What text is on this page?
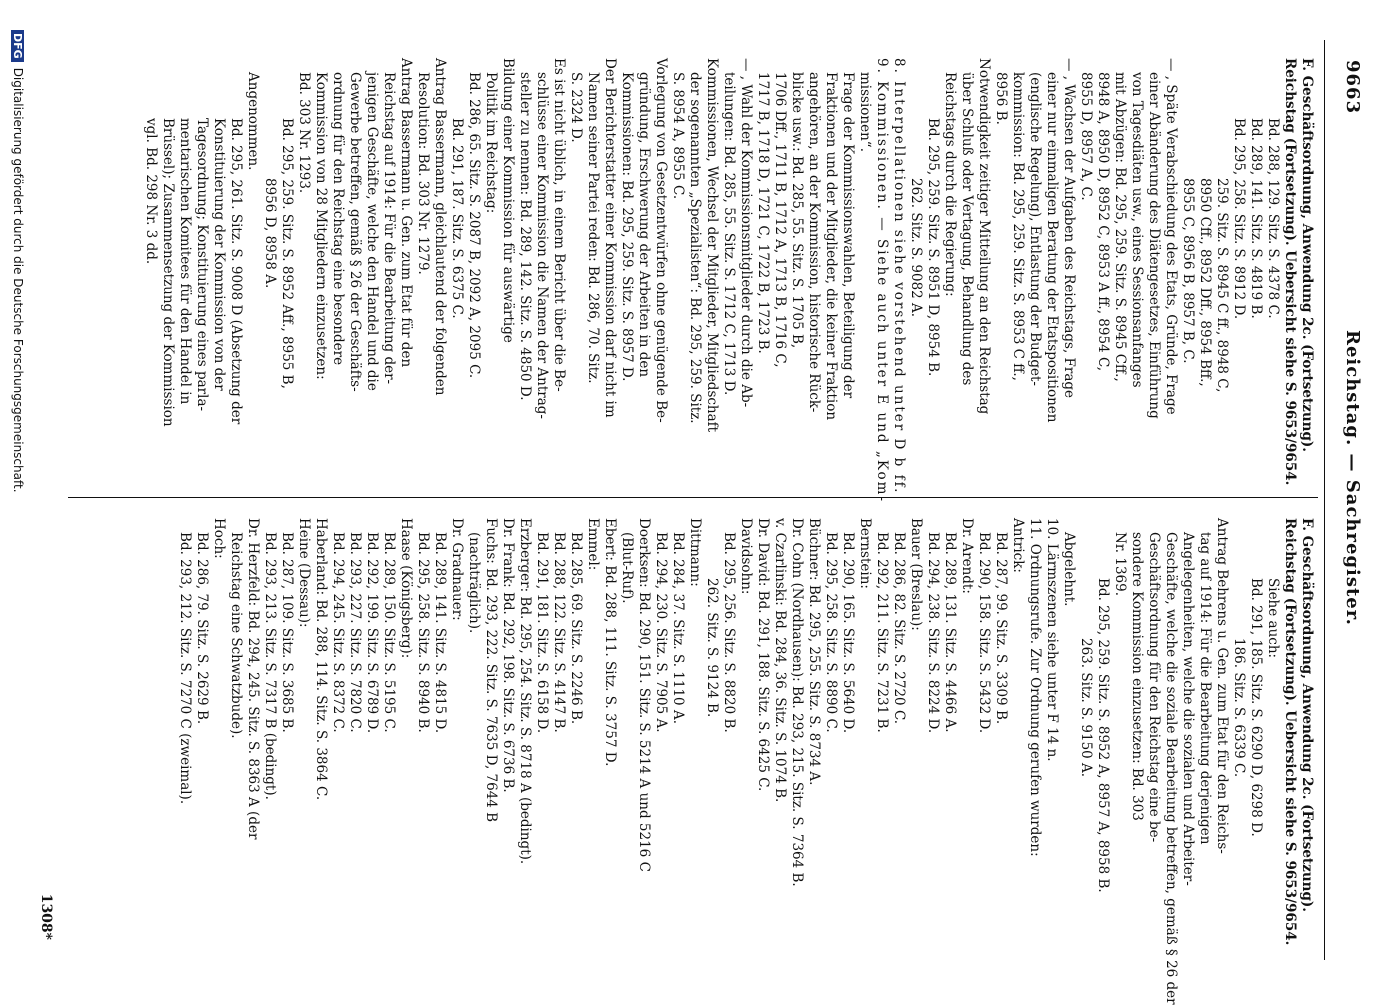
9663
Reichstag. — Sachregister.
F. Geschäftsordnung, Anwendung 2c. (Fortsetzung).
Reichstag (Fortsetzung). Uebersicht siehe S. 9653/9654.
Bd. 288, 129. Sitz. S. 4378 C.
Bd. 289, 141. Sitz. S. 4819 B.
Bd. 295, 258. Sitz. S. 8912 D.
259. Sitz. S. 8945 C ff., 8948 C,
8950 Cff., 8952 Dff., 8954 Bff.,
8955 C, 8956 B, 8957 B, C.
— , Späte Verabschiedung des Etats, Gründe, Frage
einer Abänderung des Diätengesetzes, Einführung
von Tagesdiäten usw., eines Sessionsanfanges
mit Abzügen: Bd. 295, 259. Sitz. S. 8945 Cff.,
8948 A, 8950 D, 8952 C, 8953 A ff., 8954 C,
8955 D, 8957 A, C.
— , Wachsen der Aufgaben des Reichstags, Frage
einer nur einmaligen Beratung der Etatspositionen
(englische Regelung), Entlastung der Budget-
kommission: Bd. 295, 259. Sitz. S. 8953 C ff.,
8956 B.
Notwendigkeit zeitiger Mitteilung an den Reichstag
über Schluß oder Vertagung, Behandlung des
Reichstags durch die Regierung:
Bd. 295, 259. Sitz. S. 8951 D, 8954 B.
262. Sitz. S. 9082 A.
8. Interpellationen siehe vorstehend unter D b ff.
9. Kommissionen. — Siehe auch unter E und „Kom-
missionen“.
Frage der Kommissionswahlen, Beteiligung der
Fraktionen und der Mitglieder, die keiner Fraktion
angehören, an der Kommission, historische Rück-
blicke usw.: Bd. 285, 55. Sitz. S. 1705 B,
1706 Dff., 1711 B, 1712 A, 1713 B, 1716 C,
1717 B, 1718 D, 1721 C, 1722 B, 1723 B.
— , Wahl der Kommissionsmitglieder durch die Ab-
teilungen: Bd. 285, 55. Sitz. S. 1712 C, 1713 D.
Kommissionen, Wechsel der Mitglieder, Mitgliedschaft
der sogenannten „Spezialisten“: Bd. 295, 259. Sitz.
S. 8954 A, 8955 C.
Vorlegung von Gesetzentwürfen ohne genügende Be-
gründung, Erschwerung der Arbeiten in den
Kommissionen: Bd. 295, 259. Sitz. S. 8957 D.
Der Berichterstatter einer Kommission darf nicht im
Namen seiner Partei reden: Bd. 286, 70. Sitz.
S. 2324 D.
Es ist nicht üblich, in einem Bericht über die Be-
schlüsse einer Kommission die Namen der Antrag-
steller zu nennen: Bd. 289, 142. Sitz. S. 4850 D.
Bildung einer Kommission für auswärtige
Politik im Reichstag:
Bd. 286, 65. Sitz. S. 2087 B, 2092 A, 2095 C.
Bd. 291, 187. Sitz. S. 6375 C.
Antrag Bassermann, gleichlautend der folgenden
Resolution: Bd. 303 Nr. 1279.
Antrag Bassermann u. Gen. zum Etat für den
Reichstag auf 1914: Für die Bearbeitung der-
jenigen Geschäfte, welche den Handel und die
Gewerbe betreffen, gemäß § 26 der Geschäfts-
ordnung für den Reichstag eine besondere
Kommission von 28 Mitgliedern einzusetzen:
Bd. 303 Nr. 1293.
Bd. 295, 259. Sitz. S. 8952 Aff., 8955 B,
8956 D, 8958 A.
Angenommen.
Bd. 295, 261. Sitz. S. 9008 D (Absetzung der
Konstituierung der Kommission von der
Tagesordnung; Konstituierung eines parla-
mentarischen Komitees für den Handel in
Brüssel); Zusammensetzung der Kommission
vgl. Bd. 298 Nr. 3 dd.
F. Geschäftsordnung, Anwendung 2c. (Fortsetzung).
Reichstag (Fortsetzung). Uebersicht siehe S. 9653/9654.
Siehe auch:
Bd. 291, 185. Sitz. S. 6290 D, 6298 D.
186. Sitz. S. 6339 C.
Antrag Behrens u. Gen. zum Etat für den Reichs-
tag auf 1914: Für die Bearbeitung derjenigen
Angelegenheiten, welche die sozialen und Arbeiter-
Geschäfte, welche die soziale Bearbeitung betreffen, gemäß § 26 der
Geschäftsordnung für den Reichstag eine be-
sondere Kommission einzusetzen: Bd. 303
Nr. 1369.
Bd. 295, 259. Sitz. S. 8952 A, 8957 A, 8958 B.
263. Sitz. S. 9150 A.
Abgelehnt.
10. Lärmszenen siehe unter F 14 n.
11. Ordnungsrufe. Zur Ordnung gerufen wurden:
Antrick:
Bd. 287, 99. Sitz. S. 3309 B.
Bd. 290, 158. Sitz. S. 5432 D.
Dr. Arendt:
Bd. 289, 131. Sitz. S. 4466 A.
Bd. 294, 238. Sitz. S. 8224 D.
Bauer (Breslau):
Bd. 286, 82. Sitz. S. 2720 C.
Bd. 292, 211. Sitz. S. 7231 B.
Bernstein:
Bd. 290, 165. Sitz. S. 5640 D.
Bd. 295, 258. Sitz. S. 8890 C.
Büchner: Bd. 295, 255. Sitz. S. 8734 A.
Dr. Cohn (Nordhausen): Bd. 293, 215. Sitz. S. 7364 B.
v. Czarlinski: Bd. 284, 36. Sitz. S. 1074 B.
Dr. David: Bd. 291, 188. Sitz. S. 6425 C.
Davidsohn:
Bd. 295, 256. Sitz. S. 8820 B.
262. Sitz. S. 9124 B.
Dittmann:
Bd. 284, 37. Sitz. S. 1110 A.
Bd. 294, 230. Sitz. S. 7905 A.
Doerksen: Bd. 290, 151. Sitz. S. 5214 A und 5216 C
(Blut-Ruf).
Ebert: Bd. 288, 111. Sitz. S. 3757 D.
Emmel:
Bd. 285, 69. Sitz. S. 2246 B.
Bd. 288, 122. Sitz. S. 4147 B.
Bd. 291, 181. Sitz. S. 6158 D.
Erzberger: Bd. 295, 254. Sitz. S. 8718 A (bedingt).
Dr. Frank: Bd. 292, 198. Sitz. S. 6736 B.
Fuchs: Bd. 293, 222. Sitz. S. 7635 D, 7644 B
(nachträglich).
Dr. Gradnauer:
Bd. 289, 141. Sitz. S. 4815 D.
Bd. 295, 258. Sitz. S. 8940 B.
Haase (Königsberg):
Bd. 289, 150. Sitz. S. 5195 C.
Bd. 292, 199. Sitz. S. 6789 D.
Bd. 293, 227. Sitz. S. 7820 C.
Bd. 294, 245. Sitz. S. 8372 C.
Haberland: Bd. 288, 114. Sitz. S. 3864 C.
Heine (Dessau):
Bd. 287, 109. Sitz. S. 3685 B.
Bd. 293, 213. Sitz. S. 7317 B (bedingt).
Dr. Herzfeld: Bd. 294, 245. Sitz. S. 8363 A (der
Reichstag eine Schwatzbude).
Hoch:
Bd. 286, 79. Sitz. S. 2629 B.
Bd. 293, 212. Sitz. S. 7270 C (zweimal).
1308*
DFGDigitalisierung gefördert durch die Deutsche Forschungsgemeinschaft.
